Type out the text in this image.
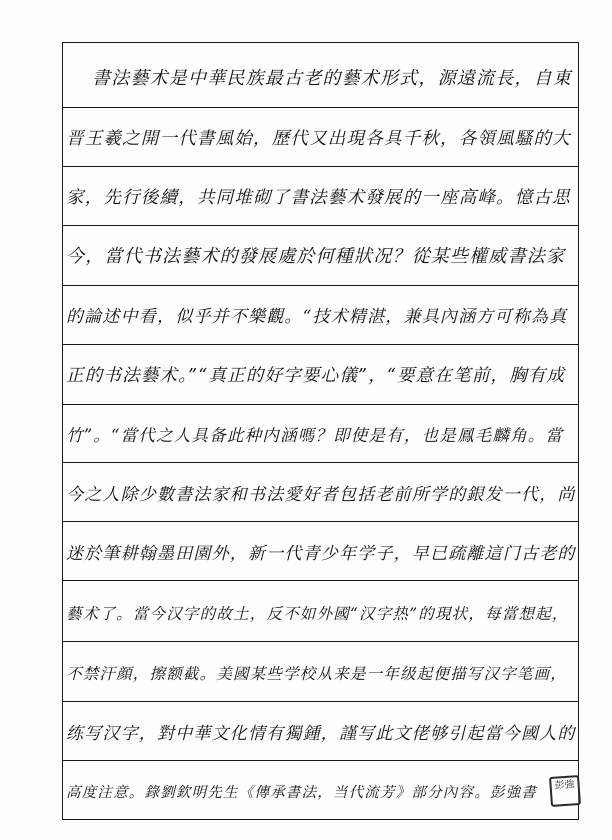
書法藝术是中華民族最古老的藝术形式，源遠流長，自東
晋王羲之開一代書風始，歷代又出現各具千秋，各領風騷的大
家，先行後續，共同堆砌了書法藝术發展的一座高峰。憶古思
今，當代书法藝术的發展處於何種狀况？從某些權威書法家
的論述中看，似乎并不樂觀。“技术精湛，兼具內涵方可称為真
正的书法藝术。”“真正的好字要心儀”，“要意在笔前，胸有成
竹”。“當代之人具备此种内涵嗎？即使是有，也是鳳毛麟角。當
今之人除少數書法家和书法愛好者包括老前所学的銀发一代，尚
迷於筆耕翰墨田園外，新一代青少年学子，早已疏離這门古老的
藝术了。當今汉字的故土，反不如外國“汉字热”的現状，每當想起，
不禁汗顔，擦额截。美國某些学校从来是一年级起便描写汉字笔画，
练写汉字，對中華文化情有獨鍾，謹写此文佬够引起當今國人的
高度注意。錄劉欽明先生《傳承書法，当代流芳》部分內容。彭強書	彭強
